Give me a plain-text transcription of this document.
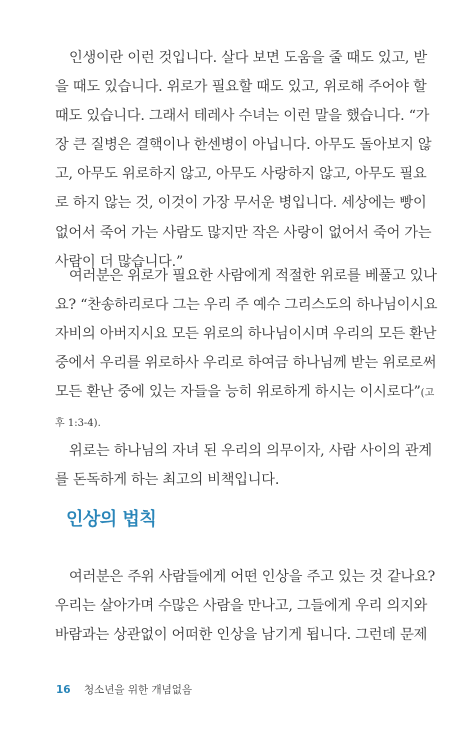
　인생이란 이런 것입니다. 살다 보면 도움을 줄 때도 있고, 받
을 때도 있습니다. 위로가 필요할 때도 있고, 위로해 주어야 할
때도 있습니다. 그래서 테레사 수녀는 이런 말을 했습니다. “가
장 큰 질병은 결핵이나 한센병이 아닙니다. 아무도 돌아보지 않
고, 아무도 위로하지 않고, 아무도 사랑하지 않고, 아무도 필요
로 하지 않는 것, 이것이 가장 무서운 병입니다. 세상에는 빵이
없어서 죽어 가는 사람도 많지만 작은 사랑이 없어서 죽어 가는
사람이 더 많습니다.”
　여러분은 위로가 필요한 사람에게 적절한 위로를 베풀고 있나
요? “찬송하리로다 그는 우리 주 예수 그리스도의 하나님이시요
자비의 아버지시요 모든 위로의 하나님이시며 우리의 모든 환난
중에서 우리를 위로하사 우리로 하여금 하나님께 받는 위로로써
모든 환난 중에 있는 자들을 능히 위로하게 하시는 이시로다”(고
후 1:3-4).
　위로는 하나님의 자녀 된 우리의 의무이자, 사람 사이의 관계
를 돈독하게 하는 최고의 비책입니다.
인상의 법칙
　여러분은 주위 사람들에게 어떤 인상을 주고 있는 것 같나요?
우리는 살아가며 수많은 사람을 만나고, 그들에게 우리 의지와
바람과는 상관없이 어떠한 인상을 남기게 됩니다. 그런데 문제
16 청소년을 위한 개념없음
